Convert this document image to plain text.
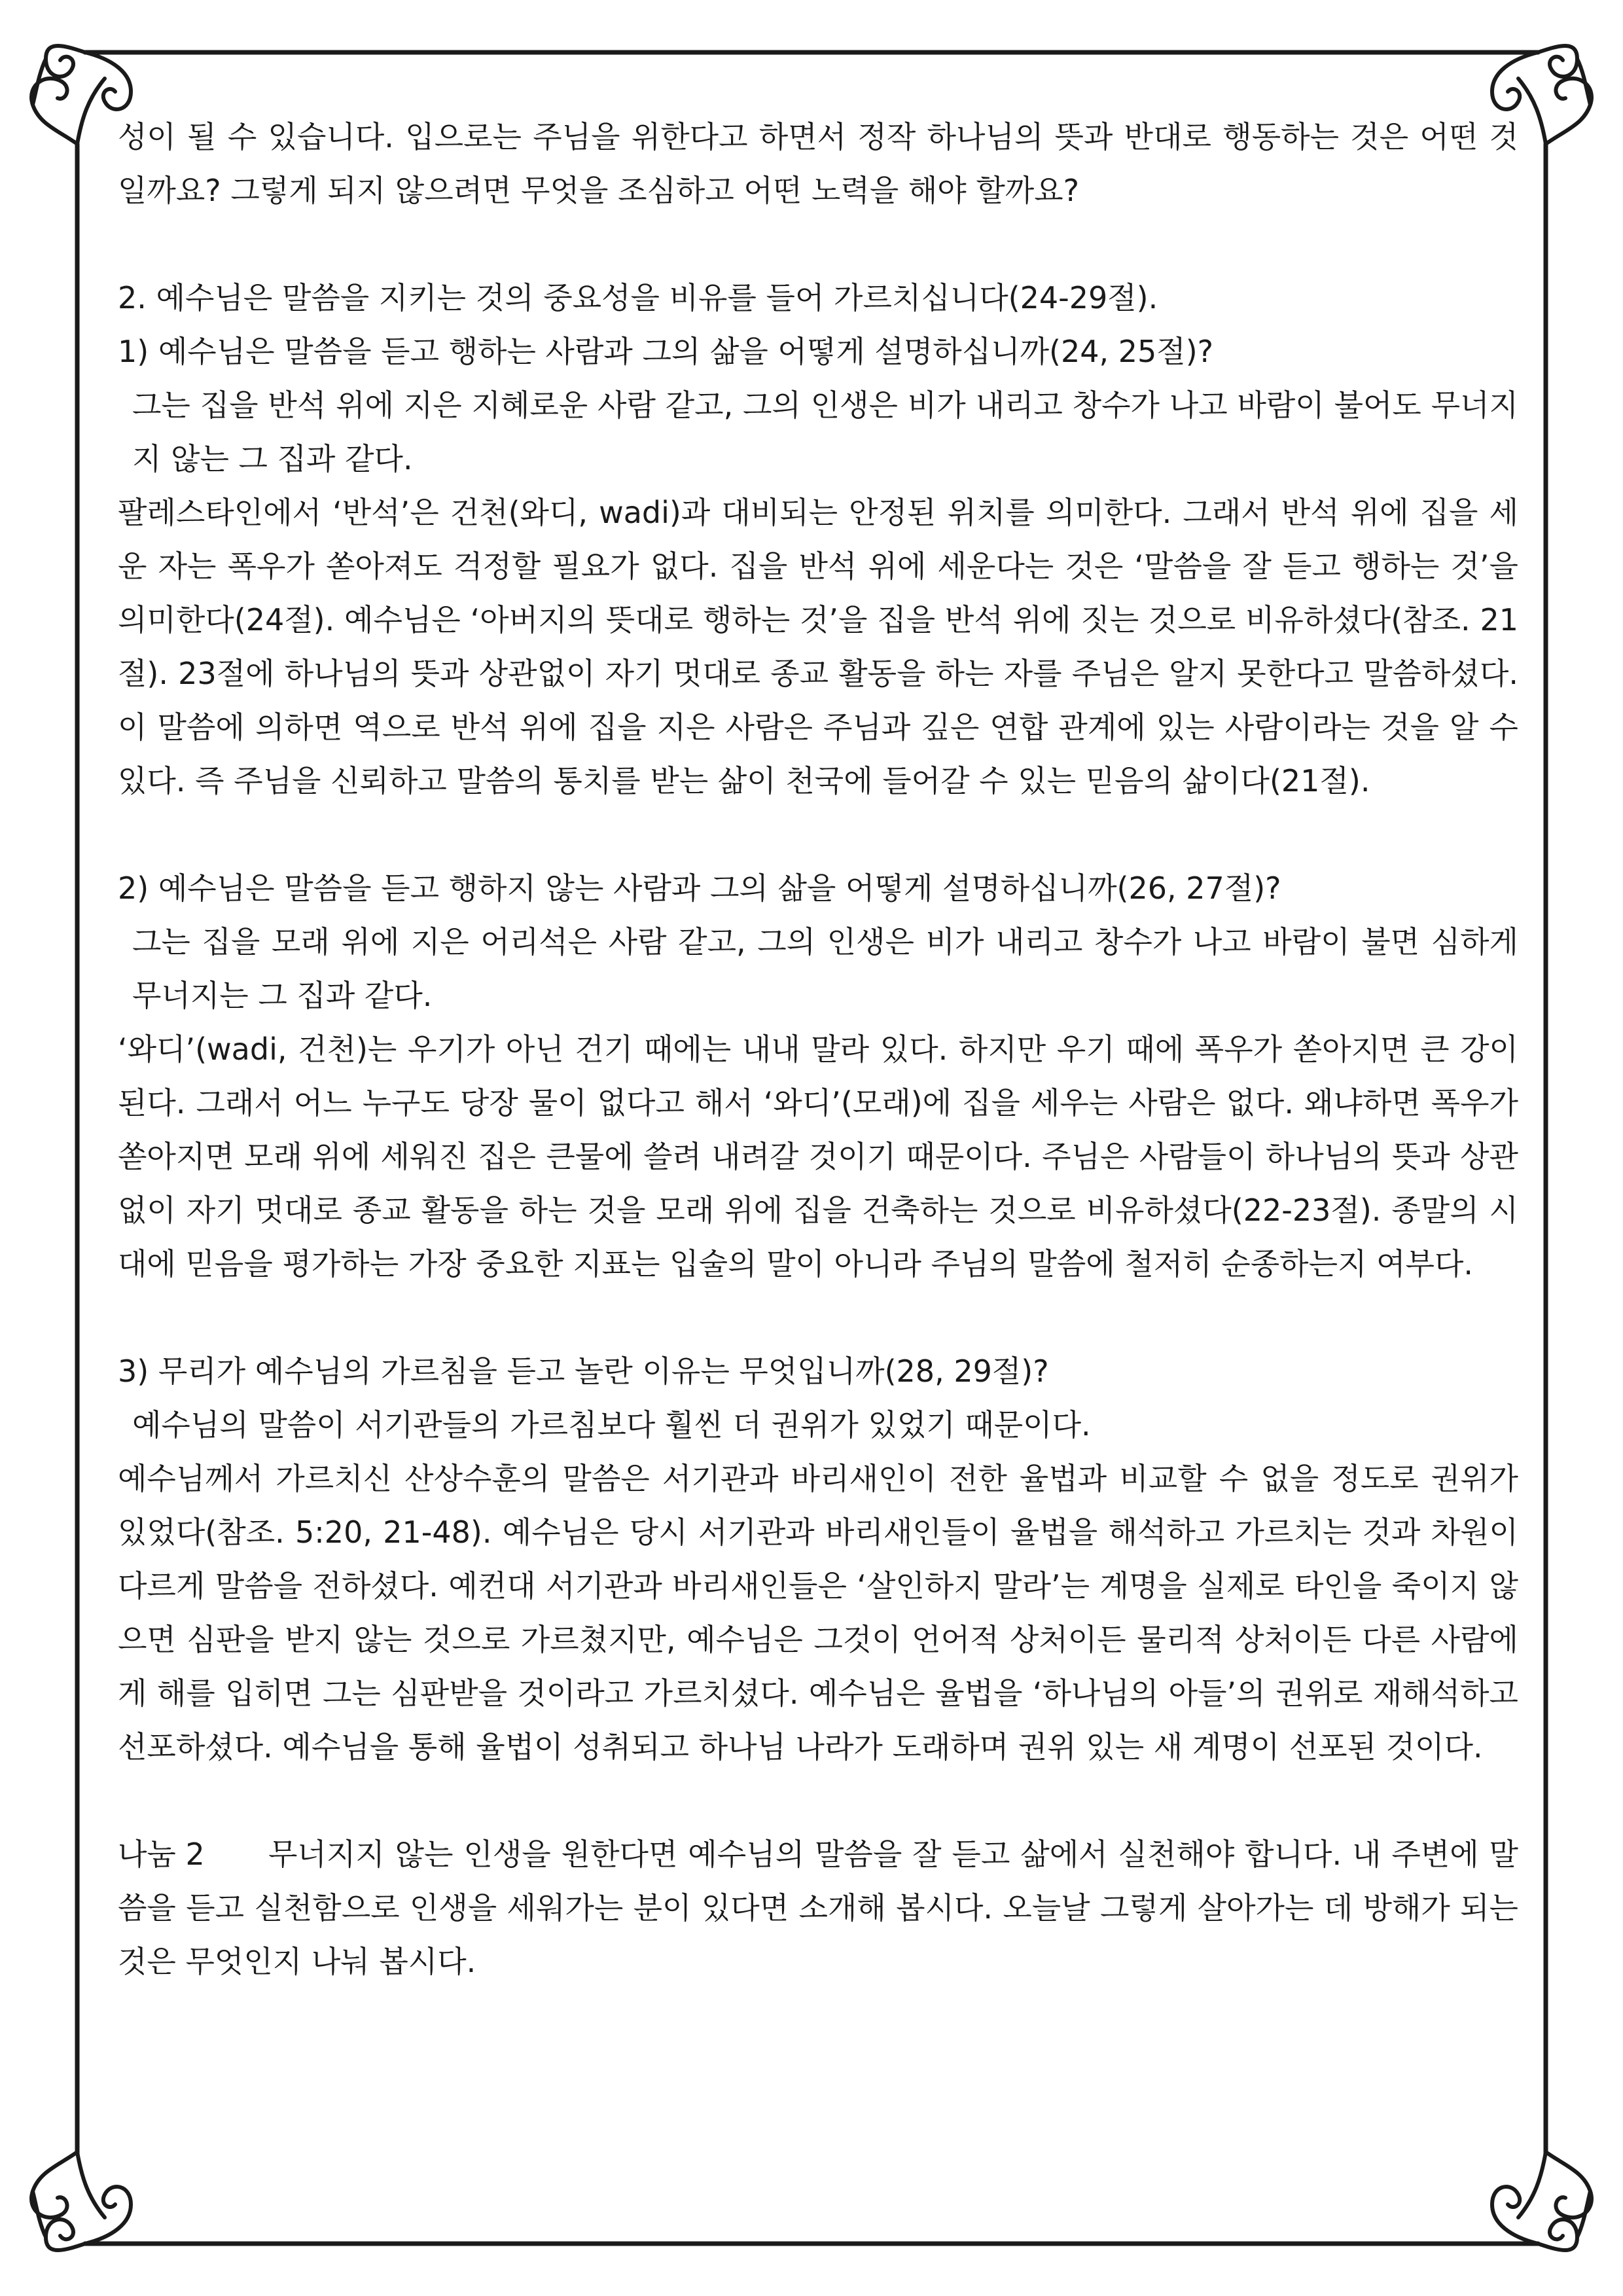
성이 될 수 있습니다. 입으로는 주님을 위한다고 하면서 정작 하나님의 뜻과 반대로 행동하는 것은 어떤 것일까요? 그렇게 되지 않으려면 무엇을 조심하고 어떤 노력을 해야 할까요?

2. 예수님은 말씀을 지키는 것의 중요성을 비유를 들어 가르치십니다(24-29절).

1) 예수님은 말씀을 듣고 행하는 사람과 그의 삶을 어떻게 설명하십니까(24, 25절)?

그는 집을 반석 위에 지은 지혜로운 사람 같고, 그의 인생은 비가 내리고 창수가 나고 바람이 불어도 무너지지 않는 그 집과 같다.

팔레스타인에서 ‘반석’은 건천(와디, wadi)과 대비되는 안정된 위치를 의미한다. 그래서 반석 위에 집을 세운 자는 폭우가 쏟아져도 걱정할 필요가 없다. 집을 반석 위에 세운다는 것은 ‘말씀을 잘 듣고 행하는 것’을 의미한다(24절). 예수님은 ‘아버지의 뜻대로 행하는 것’을 집을 반석 위에 짓는 것으로 비유하셨다(참조. 21절). 23절에 하나님의 뜻과 상관없이 자기 멋대로 종교 활동을 하는 자를 주님은 알지 못한다고 말씀하셨다. 이 말씀에 의하면 역으로 반석 위에 집을 지은 사람은 주님과 깊은 연합 관계에 있는 사람이라는 것을 알 수 있다. 즉 주님을 신뢰하고 말씀의 통치를 받는 삶이 천국에 들어갈 수 있는 믿음의 삶이다(21절).

2) 예수님은 말씀을 듣고 행하지 않는 사람과 그의 삶을 어떻게 설명하십니까(26, 27절)?

그는 집을 모래 위에 지은 어리석은 사람 같고, 그의 인생은 비가 내리고 창수가 나고 바람이 불면 심하게 무너지는 그 집과 같다.

‘와디’(wadi, 건천)는 우기가 아닌 건기 때에는 내내 말라 있다. 하지만 우기 때에 폭우가 쏟아지면 큰 강이 된다. 그래서 어느 누구도 당장 물이 없다고 해서 ‘와디’(모래)에 집을 세우는 사람은 없다. 왜냐하면 폭우가 쏟아지면 모래 위에 세워진 집은 큰물에 쓸려 내려갈 것이기 때문이다. 주님은 사람들이 하나님의 뜻과 상관없이 자기 멋대로 종교 활동을 하는 것을 모래 위에 집을 건축하는 것으로 비유하셨다(22-23절). 종말의 시대에 믿음을 평가하는 가장 중요한 지표는 입술의 말이 아니라 주님의 말씀에 철저히 순종하는지 여부다.

3) 무리가 예수님의 가르침을 듣고 놀란 이유는 무엇입니까(28, 29절)?

예수님의 말씀이 서기관들의 가르침보다 훨씬 더 권위가 있었기 때문이다.

예수님께서 가르치신 산상수훈의 말씀은 서기관과 바리새인이 전한 율법과 비교할 수 없을 정도로 권위가 있었다(참조. 5:20, 21-48). 예수님은 당시 서기관과 바리새인들이 율법을 해석하고 가르치는 것과 차원이 다르게 말씀을 전하셨다. 예컨대 서기관과 바리새인들은 ‘살인하지 말라’는 계명을 실제로 타인을 죽이지 않으면 심판을 받지 않는 것으로 가르쳤지만, 예수님은 그것이 언어적 상처이든 물리적 상처이든 다른 사람에게 해를 입히면 그는 심판받을 것이라고 가르치셨다. 예수님은 율법을 ‘하나님의 아들’의 권위로 재해석하고 선포하셨다. 예수님을 통해 율법이 성취되고 하나님 나라가 도래하며 권위 있는 새 계명이 선포된 것이다.

나눔 2 무너지지 않는 인생을 원한다면 예수님의 말씀을 잘 듣고 삶에서 실천해야 합니다. 내 주변에 말씀을 듣고 실천함으로 인생을 세워가는 분이 있다면 소개해 봅시다. 오늘날 그렇게 살아가는 데 방해가 되는 것은 무엇인지 나눠 봅시다.
